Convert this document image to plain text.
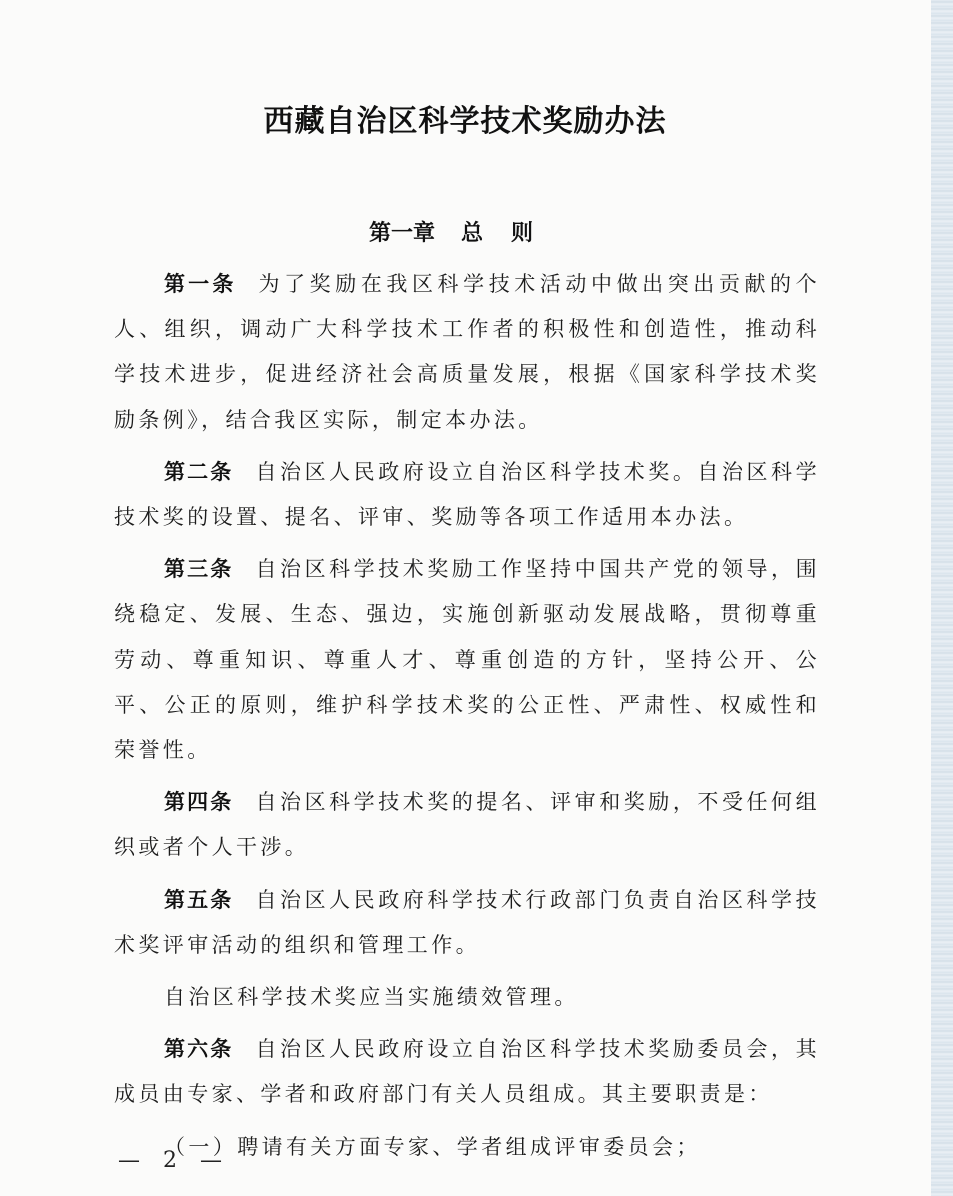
西藏自治区科学技术奖励办法
第一章 总则

第一条 为了奖励在我区科学技术活动中做出突出贡献的个人、组织，调动广大科学技术工作者的积极性和创造性，推动科学技术进步，促进经济社会高质量发展，根据《国家科学技术奖励条例》，结合我区实际，制定本办法。

第二条 自治区人民政府设立自治区科学技术奖。自治区科学技术奖的设置、提名、评审、奖励等各项工作适用本办法。

第三条 自治区科学技术奖励工作坚持中国共产党的领导，围绕稳定、发展、生态、强边，实施创新驱动发展战略，贯彻尊重劳动、尊重知识、尊重人才、尊重创造的方针，坚持公开、公平、公正的原则，维护科学技术奖的公正性、严肃性、权威性和荣誉性。

第四条 自治区科学技术奖的提名、评审和奖励，不受任何组织或者个人干涉。

第五条 自治区人民政府科学技术行政部门负责自治区科学技术奖评审活动的组织和管理工作。

自治区科学技术奖应当实施绩效管理。

第六条 自治区人民政府设立自治区科学技术奖励委员会，其成员由专家、学者和政府部门有关人员组成。其主要职责是：

（一）聘请有关方面专家、学者组成评审委员会；

— 2 —
